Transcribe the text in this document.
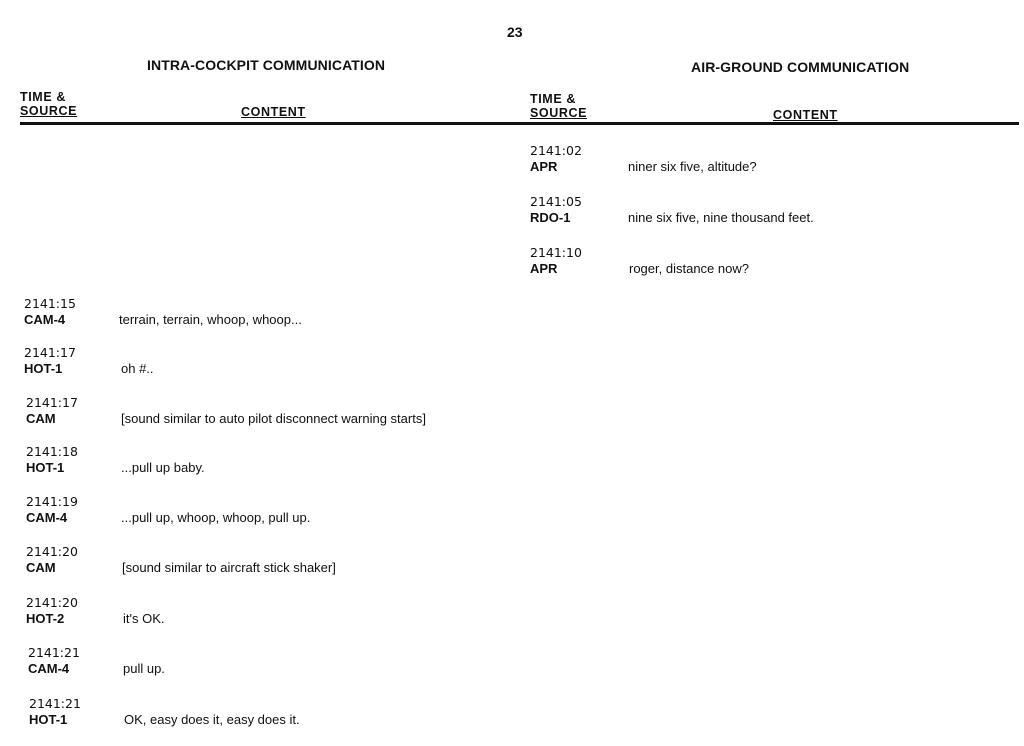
23
INTRA-COCKPIT COMMUNICATION	AIR-GROUND COMMUNICATION
TIME &
SOURCE	CONTENT
TIME &
SOURCE	CONTENT
2141:02
APR	niner six five, altitude?
2141:05
RDO-1	nine six five, nine thousand feet.
2141:10
APR	roger, distance now?
2141:15
CAM-4	terrain, terrain, whoop, whoop...
2141:17
HOT-1	oh #..
2141:17
CAM	[sound similar to auto pilot disconnect warning starts]
2141:18
HOT-1	...pull up baby.
2141:19
CAM-4	...pull up, whoop, whoop, pull up.
2141:20
CAM	[sound similar to aircraft stick shaker]
2141:20
HOT-2	it's OK.
2141:21
CAM-4	pull up.
2141:21
HOT-1	OK, easy does it, easy does it.
